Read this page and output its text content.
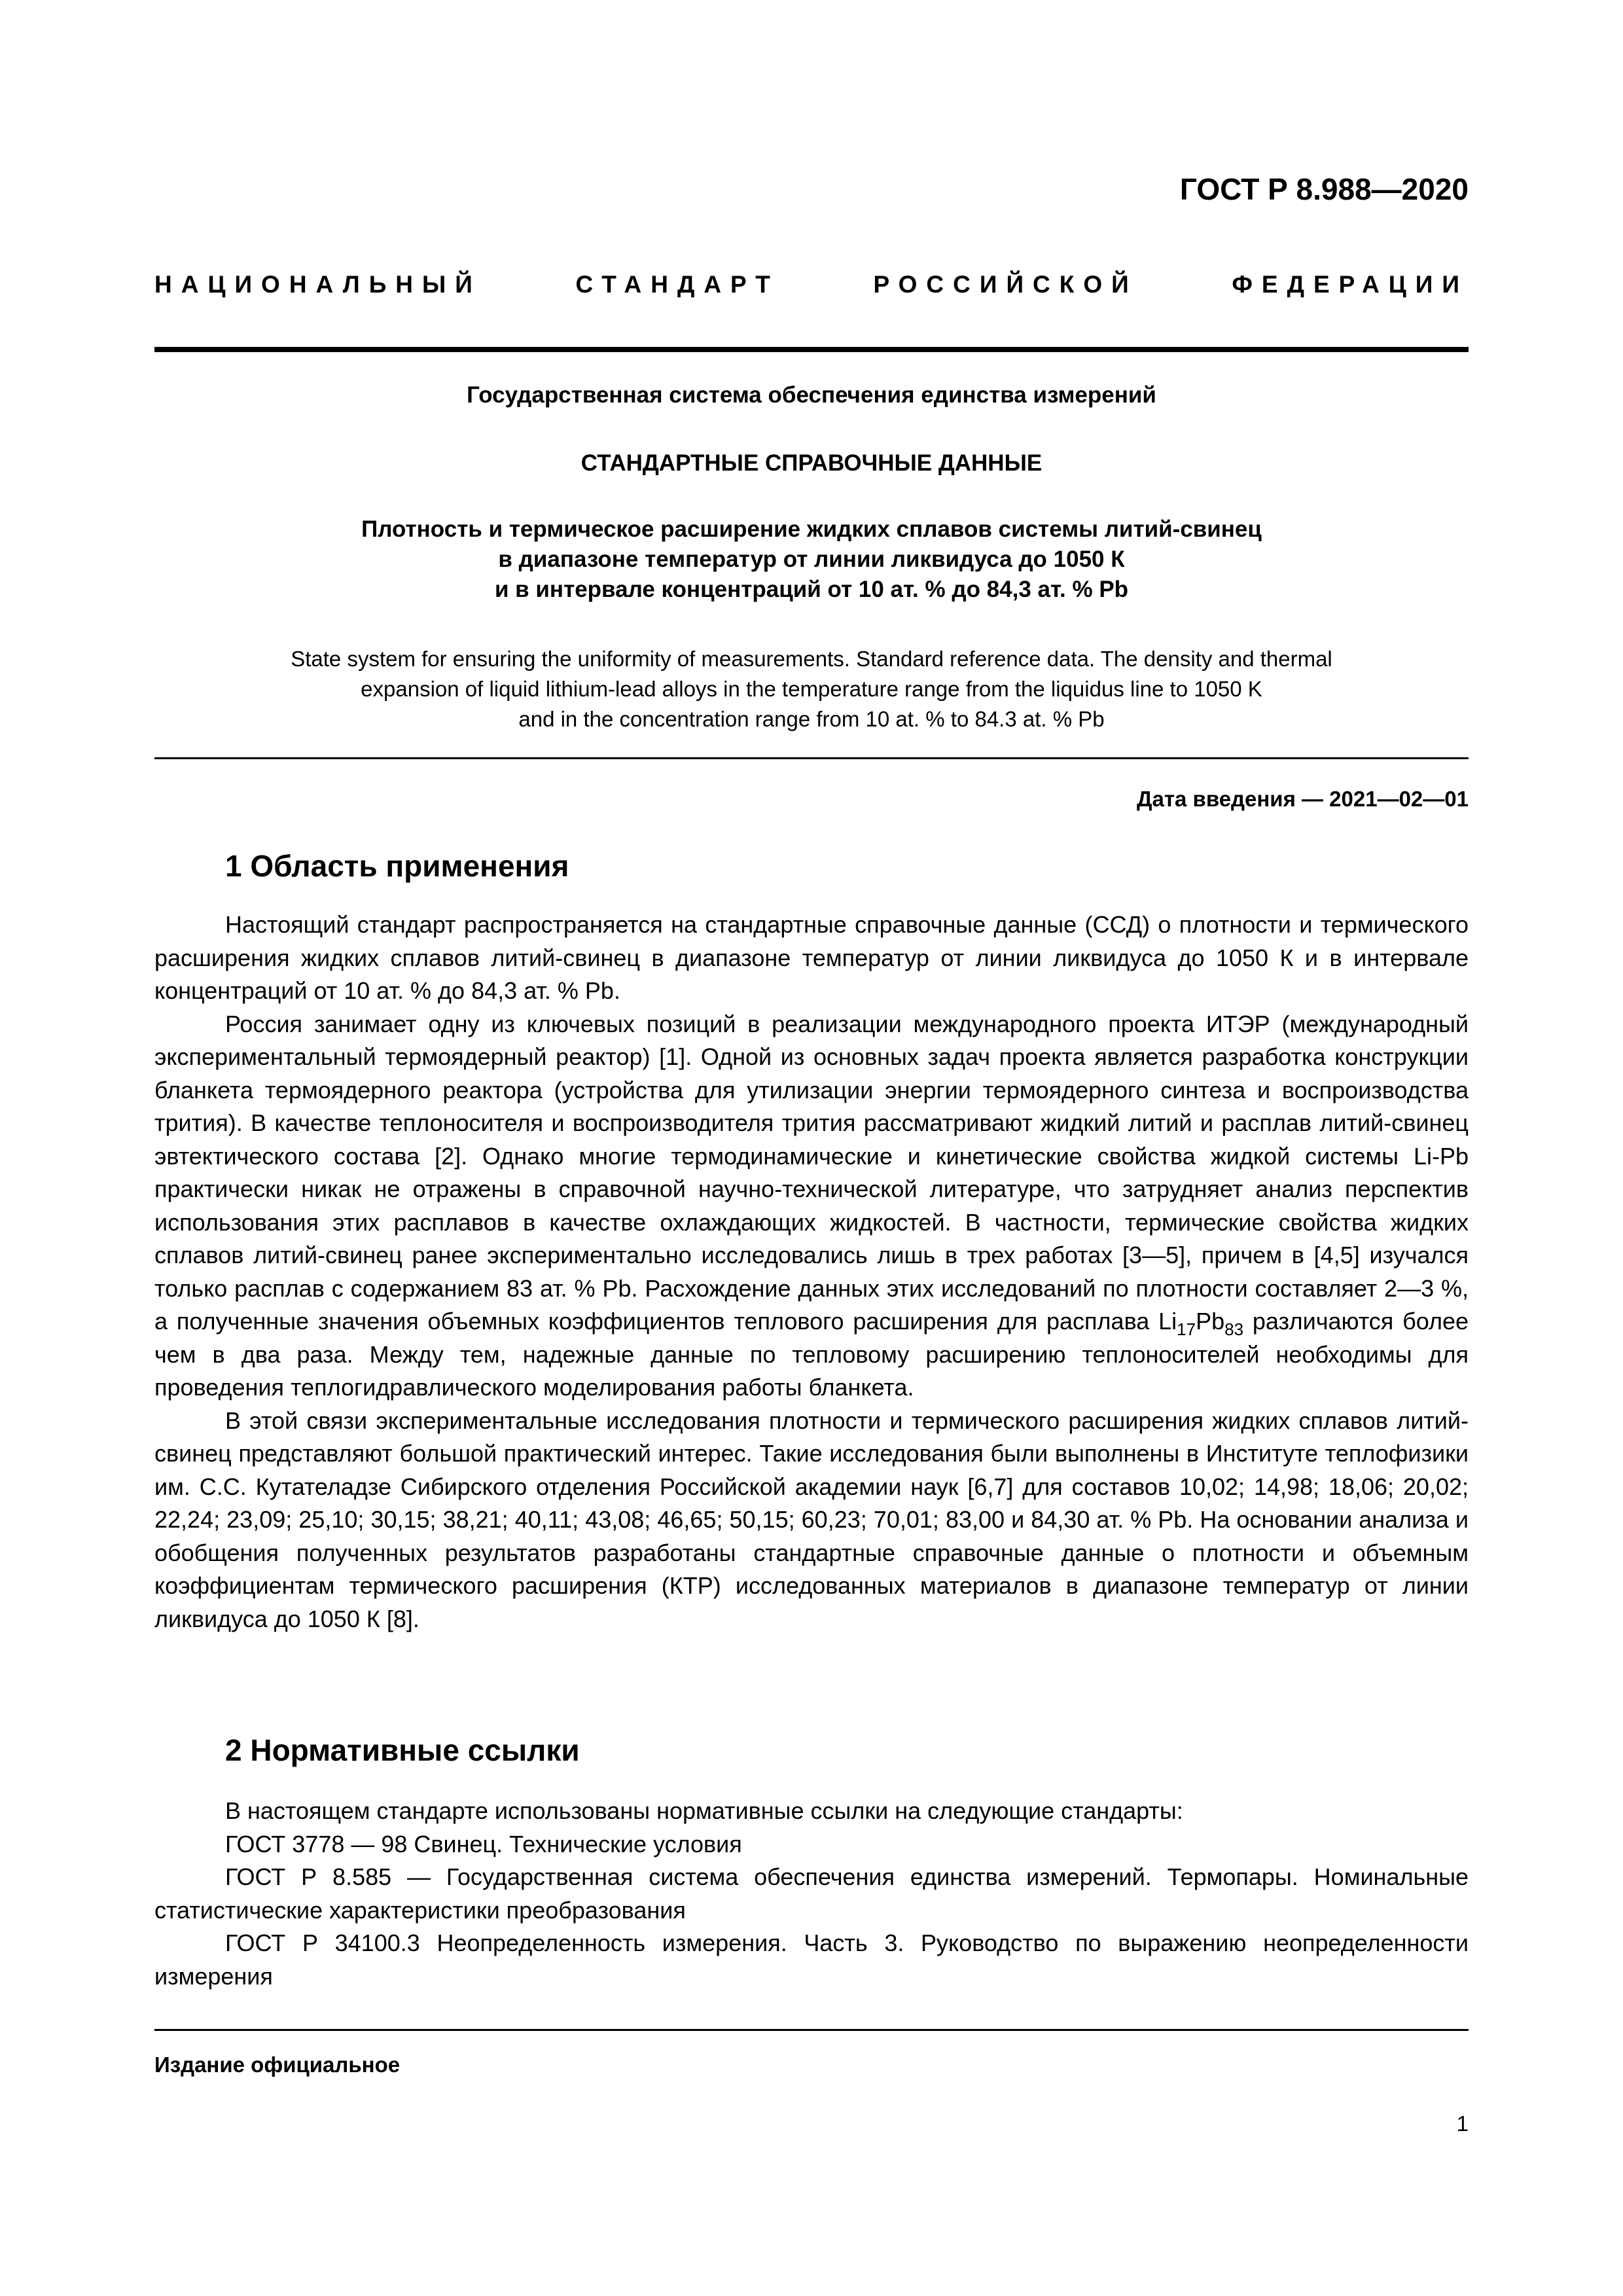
ГОСТ Р 8.988—2020
НАЦИОНАЛЬНЫЙ СТАНДАРТ РОССИЙСКОЙ ФЕДЕРАЦИИ
Государственная система обеспечения единства измерений
СТАНДАРТНЫЕ СПРАВОЧНЫЕ ДАННЫЕ
Плотность и термическое расширение жидких сплавов системы литий-свинец
в диапазоне температур от линии ликвидуса до 1050 К
и в интервале концентраций от 10 ат. % до 84,3 ат. % Pb
State system for ensuring the uniformity of measurements. Standard reference data. The density and thermal
expansion of liquid lithium-lead alloys in the temperature range from the liquidus line to 1050 K
and in the concentration range from 10 at. % to 84.3 at. % Pb
Дата введения — 2021—02—01
1 Область применения

Настоящий стандарт распространяется на стандартные справочные данные (ССД) о плотности и термического расширения жидких сплавов литий-свинец в диапазоне температур от линии ликвидуса до 1050 К и в интервале концентраций от 10 ат. % до 84,3 ат. % Pb.

Россия занимает одну из ключевых позиций в реализации международного проекта ИТЭР (международный экспериментальный термоядерный реактор) [1]. Одной из основных задач проекта является разработка конструкции бланкета термоядерного реактора (устройства для утилизации энергии термоядерного синтеза и воспроизводства трития). В качестве теплоносителя и воспроизводителя трития рассматривают жидкий литий и расплав литий-свинец эвтектического состава [2]. Однако многие термодинамические и кинетические свойства жидкой системы Li-Pb практически никак не отражены в справочной научно-технической литературе, что затрудняет анализ перспектив использования этих расплавов в качестве охлаждающих жидкостей. В частности, термические свойства жидких сплавов литий-свинец ранее экспериментально исследовались лишь в трех работах [3—5], причем в [4,5] изучался только расплав с содержанием 83 ат. % Pb. Расхождение данных этих исследований по плотности составляет 2—3 %, а полученные значения объемных коэффициентов теплового расширения для расплава $Li_{17}Pb_{83}$ различаются более чем в два раза. Между тем, надежные данные по тепловому расширению теплоносителей необходимы для проведения теплогидравлического моделирования работы бланкета.

В этой связи экспериментальные исследования плотности и термического расширения жидких сплавов литий-свинец представляют большой практический интерес. Такие исследования были выполнены в Институте теплофизики им. С.С. Кутателадзе Сибирского отделения Российской академии наук [6,7] для составов 10,02; 14,98; 18,06; 20,02; 22,24; 23,09; 25,10; 30,15; 38,21; 40,11; 43,08; 46,65; 50,15; 60,23; 70,01; 83,00 и 84,30 ат. % Pb. На основании анализа и обобщения полученных результатов разработаны стандартные справочные данные о плотности и объемным коэффициентам термического расширения (КТР) исследованных материалов в диапазоне температур от линии ликвидуса до 1050 К [8].

2 Нормативные ссылки

В настоящем стандарте использованы нормативные ссылки на следующие стандарты:

ГОСТ 3778 — 98 Свинец. Технические условия

ГОСТ Р 8.585 — Государственная система обеспечения единства измерений. Термопары. Номинальные статистические характеристики преобразования

ГОСТ Р 34100.3 Неопределенность измерения. Часть 3. Руководство по выражению неопределенности измерения

Издание официальное
1
